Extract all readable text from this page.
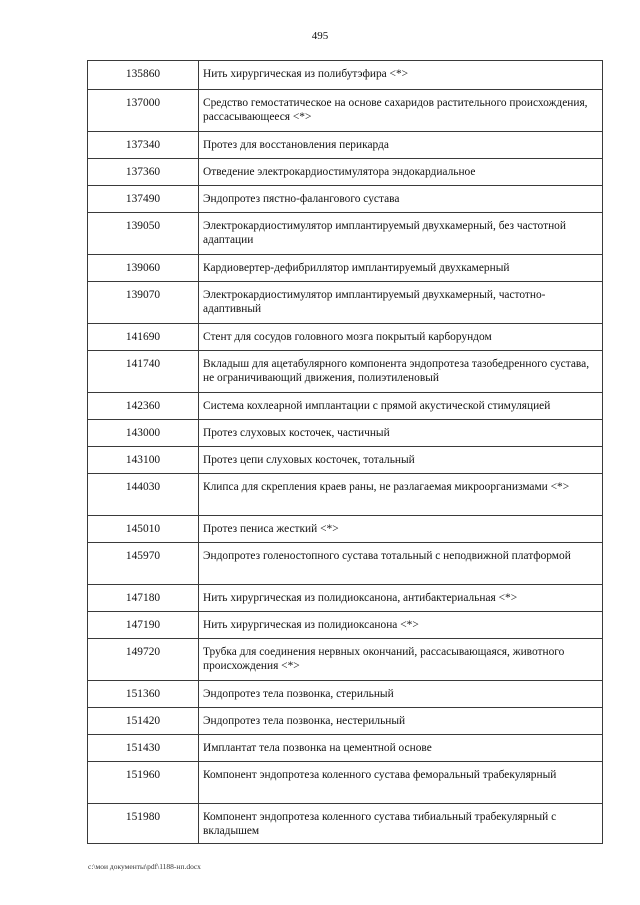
495
135860	Нить хирургическая из полибутэфира <*>
137000	Средство гемостатическое на основе сахаридов растительного происхождения, рассасывающееся <*>
137340	Протез для восстановления перикарда
137360	Отведение электрокардиостимулятора эндокардиальное
137490	Эндопротез пястно-фалангового сустава
139050	Электрокардиостимулятор имплантируемый двухкамерный, без частотной адаптации
139060	Кардиовертер-дефибриллятор имплантируемый двухкамерный
139070	Электрокардиостимулятор имплантируемый двухкамерный, частотно-адаптивный
141690	Стент для сосудов головного мозга покрытый карборундом
141740	Вкладыш для ацетабулярного компонента эндопротеза тазобедренного сустава, не ограничивающий движения, полиэтиленовый
142360	Система кохлеарной имплантации с прямой акустической стимуляцией
143000	Протез слуховых косточек, частичный
143100	Протез цепи слуховых косточек, тотальный
144030	Клипса для скрепления краев раны, не разлагаемая микроорганизмами <*>
145010	Протез пениса жесткий <*>
145970	Эндопротез голеностопного сустава тотальный с неподвижной платформой
147180	Нить хирургическая из полидиоксанона, антибактериальная <*>
147190	Нить хирургическая из полидиоксанона <*>
149720	Трубка для соединения нервных окончаний, рассасывающаяся, животного происхождения <*>
151360	Эндопротез тела позвонка, стерильный
151420	Эндопротез тела позвонка, нестерильный
151430	Имплантат тела позвонка на цементной основе
151960	Компонент эндопротеза коленного сустава феморальный трабекулярный
151980	Компонент эндопротеза коленного сустава тибиальный трабекулярный с вкладышем
c:\мои документы\pdf\1188-нп.docx
